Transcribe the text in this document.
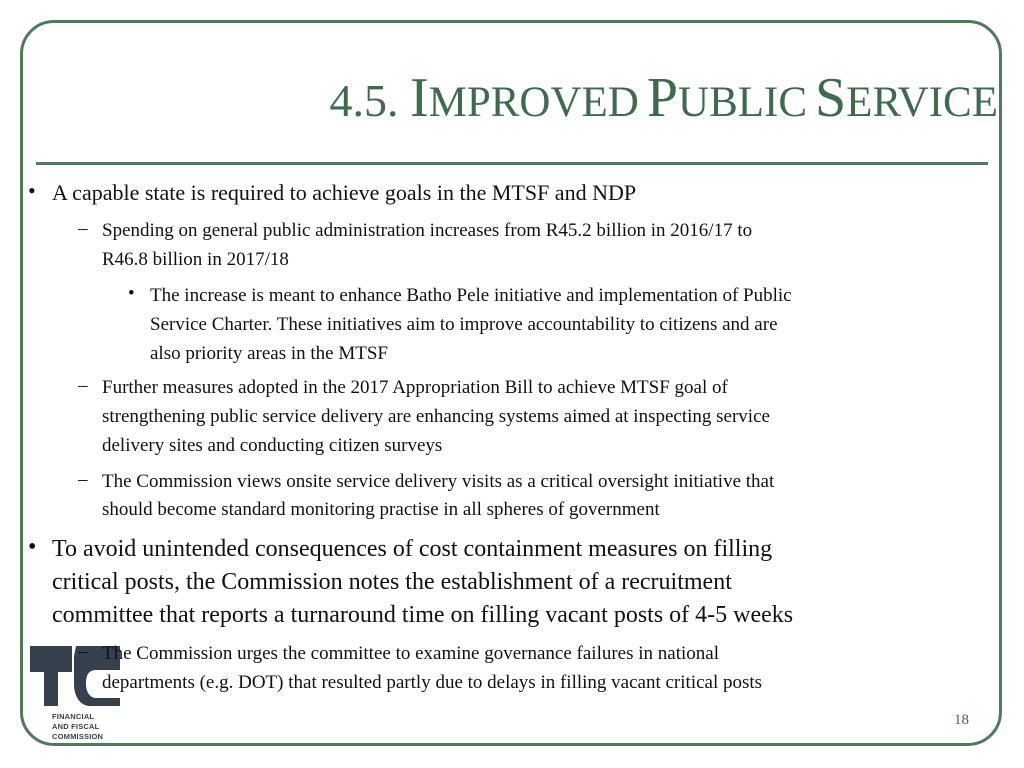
4.5. IMPROVED PUBLIC SERVICE
FINANCIAL
AND FISCAL
COMMISSION
• A capable state is required to achieve goals in the MTSF and NDP

– Spending on general public administration increases from R45.2 billion in 2016/17 to

R46.8 billion in 2017/18

• The increase is meant to enhance Batho Pele initiative and implementation of Public

Service Charter. These initiatives aim to improve accountability to citizens and are

also priority areas in the MTSF

– Further measures adopted in the 2017 Appropriation Bill to achieve MTSF goal of

strengthening public service delivery are enhancing systems aimed at inspecting service

delivery sites and conducting citizen surveys

– The Commission views onsite service delivery visits as a critical oversight initiative that

should become standard monitoring practise in all spheres of government

• To avoid unintended consequences of cost containment measures on filling

critical posts, the Commission notes the establishment of a recruitment

committee that reports a turnaround time on filling vacant posts of 4-5 weeks

– The Commission urges the committee to examine governance failures in national

departments (e.g. DOT) that resulted partly due to delays in filling vacant critical posts

18
